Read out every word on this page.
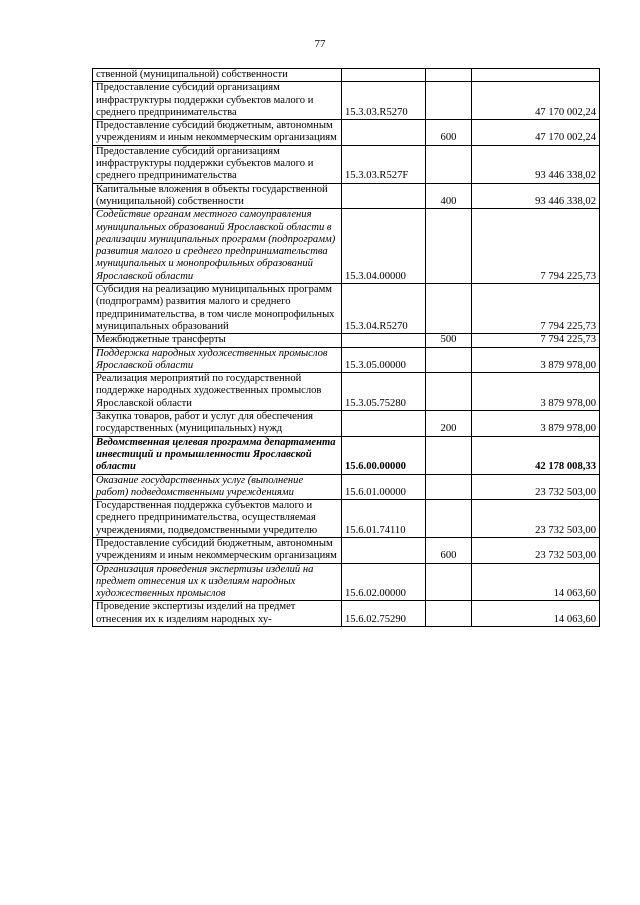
77
ственной (муниципальной) собственности			
Предоставление субсидий организациям инфраструктуры поддержки субъектов малого и среднего предпринимательства	15.3.03.R5270		47 170 002,24
Предоставление субсидий бюджетным, автономным учреждениям и иным некоммерческим организациям		600	47 170 002,24
Предоставление субсидий организациям инфраструктуры поддержки субъектов малого и среднего предпринимательства	15.3.03.R527F		93 446 338,02
Капитальные вложения в объекты государственной (муниципальной) собственности		400	93 446 338,02
Содействие органам местного самоуправления муниципальных образований Ярославской области в реализации муниципальных программ (подпрограмм) развития малого и среднего предпринимательства муниципальных и монопрофильных образований Ярославской области	15.3.04.00000		7 794 225,73
Субсидия на реализацию муниципальных программ (подпрограмм) развития малого и среднего предпринимательства, в том числе монопрофильных муниципальных образований	15.3.04.R5270		7 794 225,73
Межбюджетные трансферты		500	7 794 225,73
Поддержка народных художественных промыслов Ярославской области	15.3.05.00000		3 879 978,00
Реализация мероприятий по государственной поддержке народных художественных промыслов Ярославской области	15.3.05.75280		3 879 978,00
Закупка товаров, работ и услуг для обеспечения государственных (муниципальных) нужд		200	3 879 978,00
Ведомственная целевая программа департамента инвестиций и промышленности Ярославской области	15.6.00.00000		42 178 008,33
Оказание государственных услуг (выполнение работ) подведомственными учреждениями	15.6.01.00000		23 732 503,00
Государственная поддержка субъектов малого и среднего предпринимательства, осуществляемая учреждениями, подведомственными учредителю	15.6.01.74110		23 732 503,00
Предоставление субсидий бюджетным, автономным учреждениям и иным некоммерческим организациям		600	23 732 503,00
Организация проведения экспертизы изделий на предмет отнесения их к изделиям народных художественных промыслов	15.6.02.00000		14 063,60
Проведение экспертизы изделий на предмет отнесения их к изделиям народных ху-	15.6.02.75290		14 063,60
